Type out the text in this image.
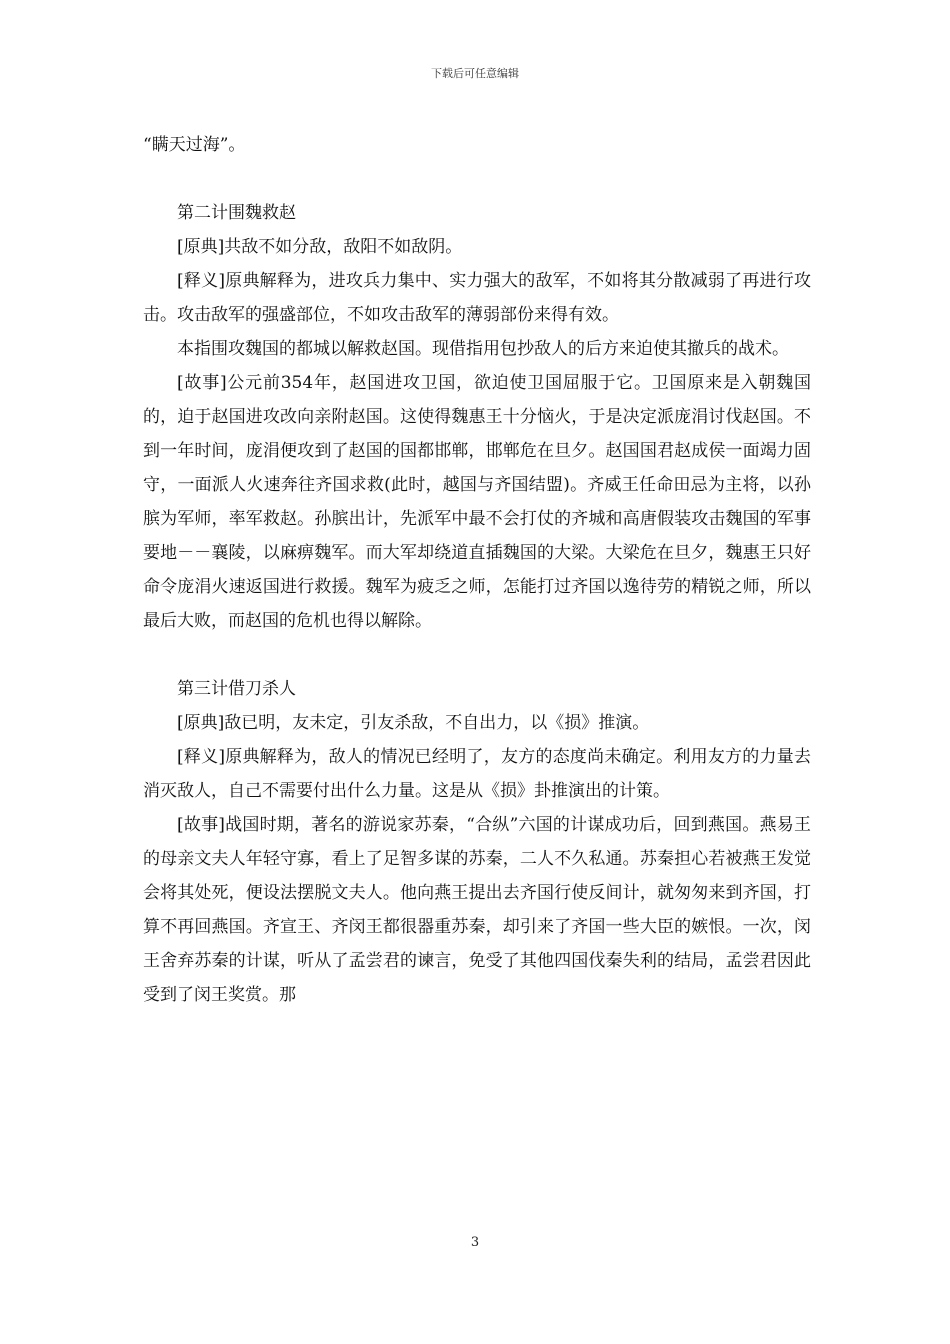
下载后可任意编辑
“瞒天过海”。
第二计围魏救赵
[原典]共敌不如分敌，敌阳不如敌阴。
[释义]原典解释为，进攻兵力集中、实力强大的敌军，不如将其分散减弱了再进行攻击。攻击敌军的强盛部位，不如攻击敌军的薄弱部份来得有效。
本指围攻魏国的都城以解救赵国。现借指用包抄敌人的后方来迫使其撤兵的战术。
[故事]公元前354年，赵国进攻卫国，欲迫使卫国屈服于它。卫国原来是入朝魏国的，迫于赵国进攻改向亲附赵国。这使得魏惠王十分恼火，于是决定派庞涓讨伐赵国。不到一年时间，庞涓便攻到了赵国的国都邯郸，邯郸危在旦夕。赵国国君赵成侯一面竭力固守，一面派人火速奔往齐国求救(此时，越国与齐国结盟)。齐威王任命田忌为主将，以孙膑为军师，率军救赵。孙膑出计，先派军中最不会打仗的齐城和高唐假装攻击魏国的军事要地－－襄陵，以麻痹魏军。而大军却绕道直插魏国的大梁。大梁危在旦夕，魏惠王只好命令庞涓火速返国进行救援。魏军为疲乏之师，怎能打过齐国以逸待劳的精锐之师，所以最后大败，而赵国的危机也得以解除。
第三计借刀杀人
[原典]敌已明，友未定，引友杀敌，不自出力，以《损》推演。
[释义]原典解释为，敌人的情况已经明了，友方的态度尚未确定。利用友方的力量去消灭敌人，自己不需要付出什么力量。这是从《损》卦推演出的计策。
[故事]战国时期，著名的游说家苏秦，“合纵”六国的计谋成功后，回到燕国。燕易王的母亲文夫人年轻守寡，看上了足智多谋的苏秦，二人不久私通。苏秦担心若被燕王发觉会将其处死，便设法摆脱文夫人。他向燕王提出去齐国行使反间计，就匆匆来到齐国，打算不再回燕国。齐宣王、齐闵王都很器重苏秦，却引来了齐国一些大臣的嫉恨。一次，闵王舍弃苏秦的计谋，听从了孟尝君的谏言，免受了其他四国伐秦失利的结局，孟尝君因此受到了闵王奖赏。那
3
